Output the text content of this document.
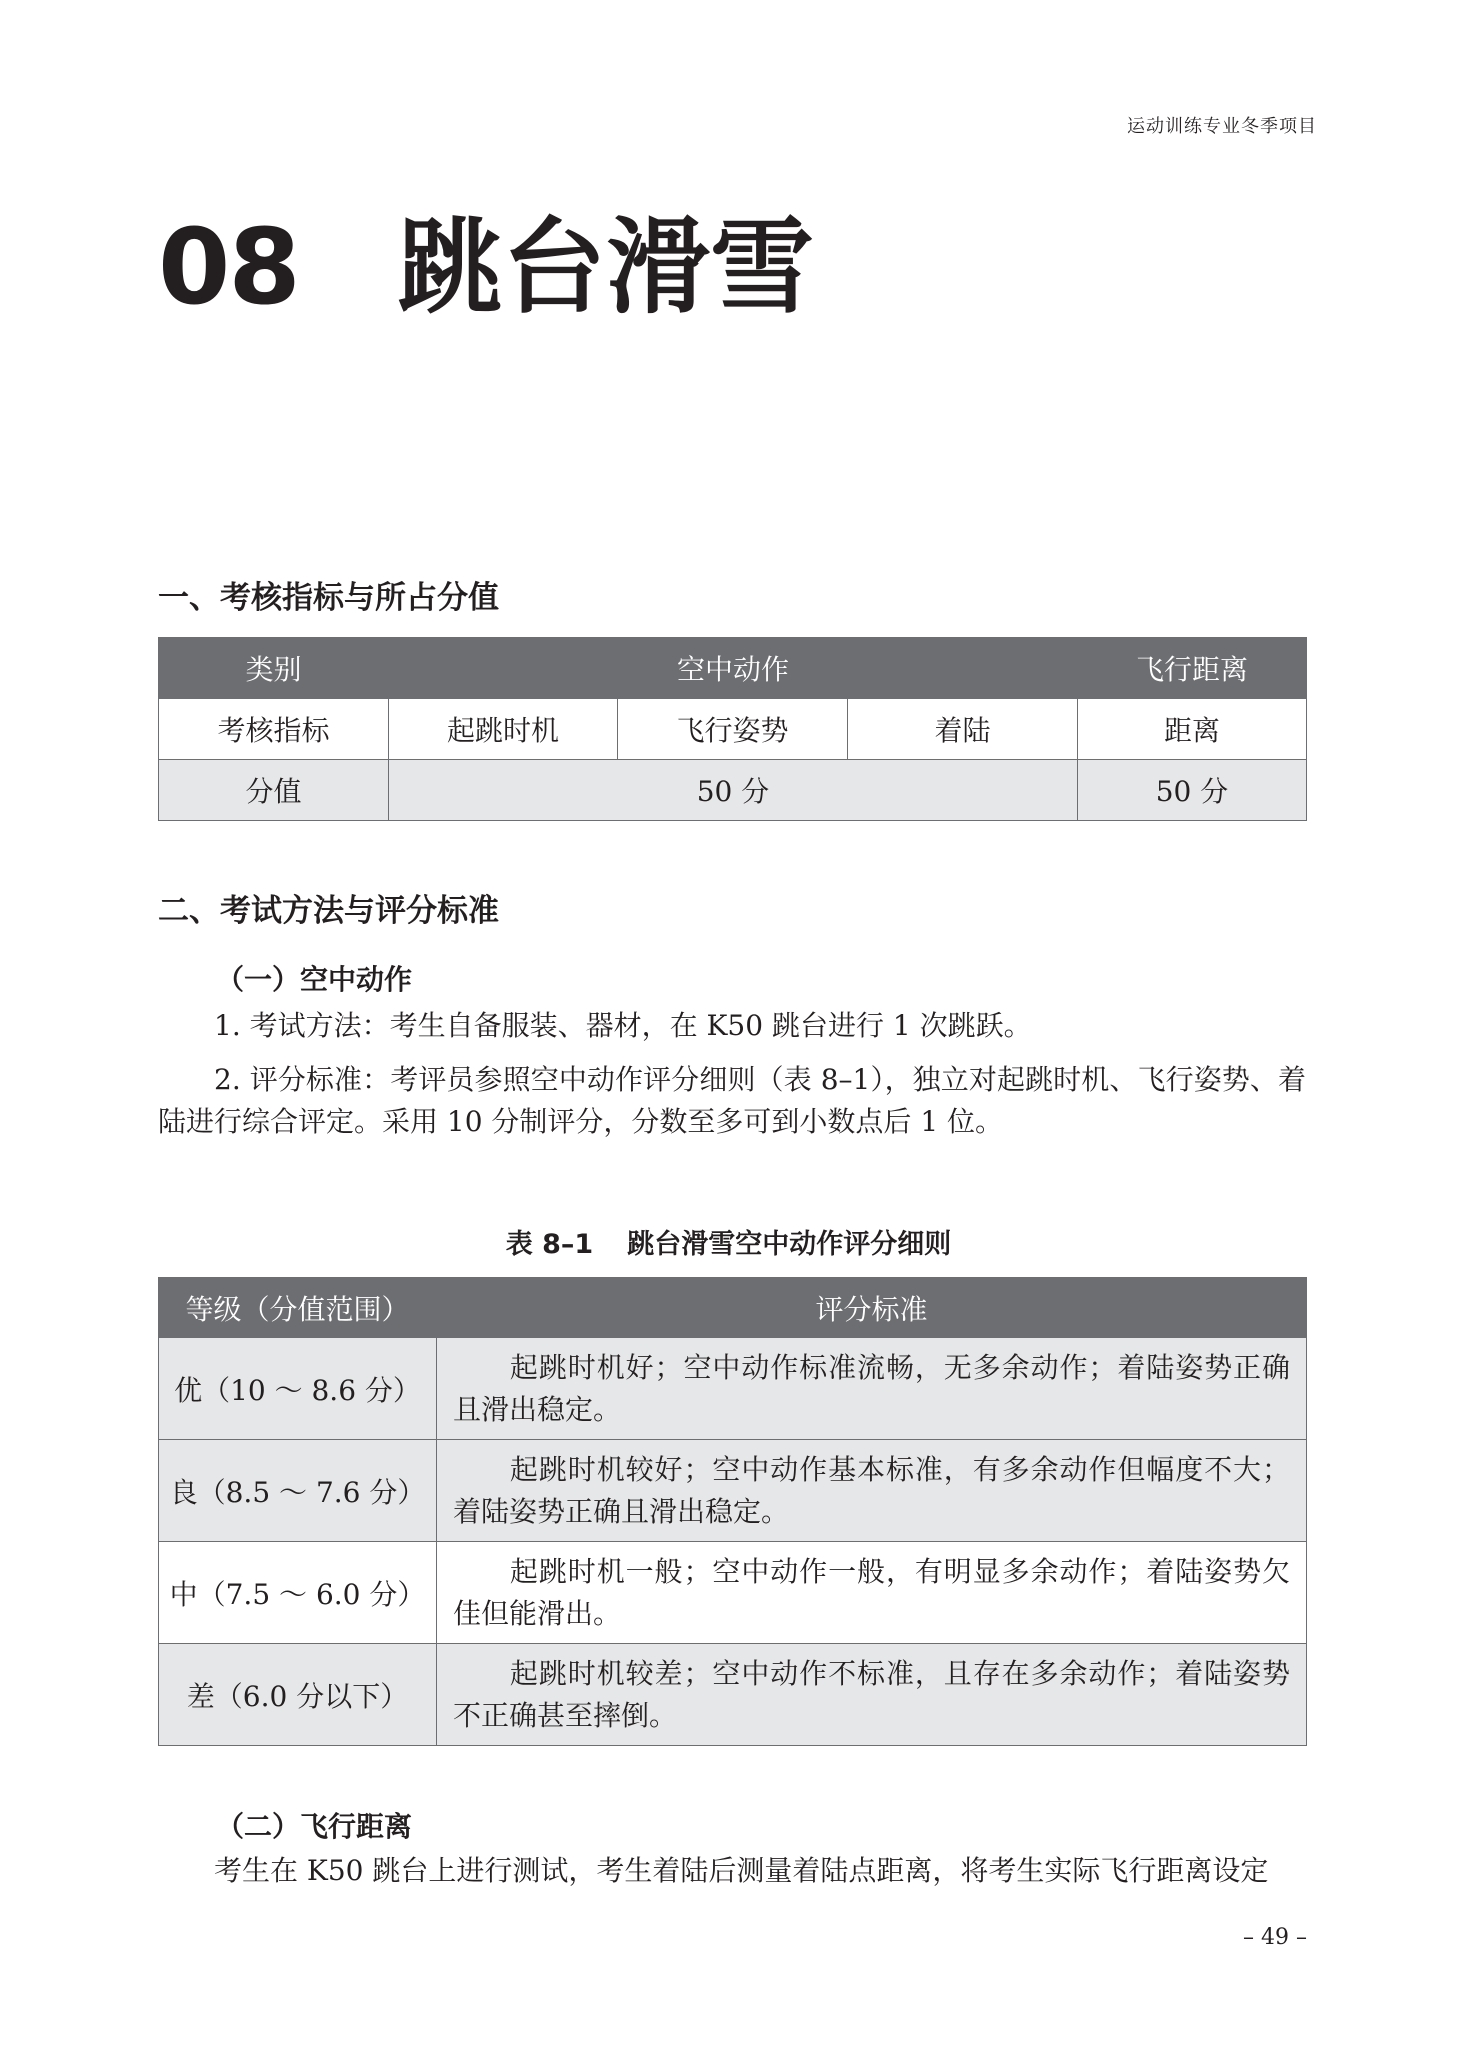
运动训练专业冬季项目
08 跳台滑雪
一、考核指标与所占分值
类别	空中动作			飞行距离
考核指标	起跳时机	飞行姿势	着陆	距离
分值	50 分			50 分
二、考试方法与评分标准
（一）空中动作
1. 考试方法：考生自备服装、器材，在 K50 跳台进行 1 次跳跃。
2. 评分标准：考评员参照空中动作评分细则（表 8–1），独立对起跳时机、飞行姿势、着陆进行综合评定。采用 10 分制评分，分数至多可到小数点后 1 位。
表 8–1 跳台滑雪空中动作评分细则
等级（分值范围）	评分标准
优（10 ～ 8.6 分）	起跳时机好；空中动作标准流畅，无多余动作；着陆姿势正确且滑出稳定。
良（8.5 ～ 7.6 分）	起跳时机较好；空中动作基本标准，有多余动作但幅度不大；着陆姿势正确且滑出稳定。
中（7.5 ～ 6.0 分）	起跳时机一般；空中动作一般，有明显多余动作；着陆姿势欠佳但能滑出。
差（6.0 分以下）	起跳时机较差；空中动作不标准，且存在多余动作；着陆姿势不正确甚至摔倒。
（二）飞行距离
考生在 K50 跳台上进行测试，考生着陆后测量着陆点距离，将考生实际飞行距离设定
– 49 –
